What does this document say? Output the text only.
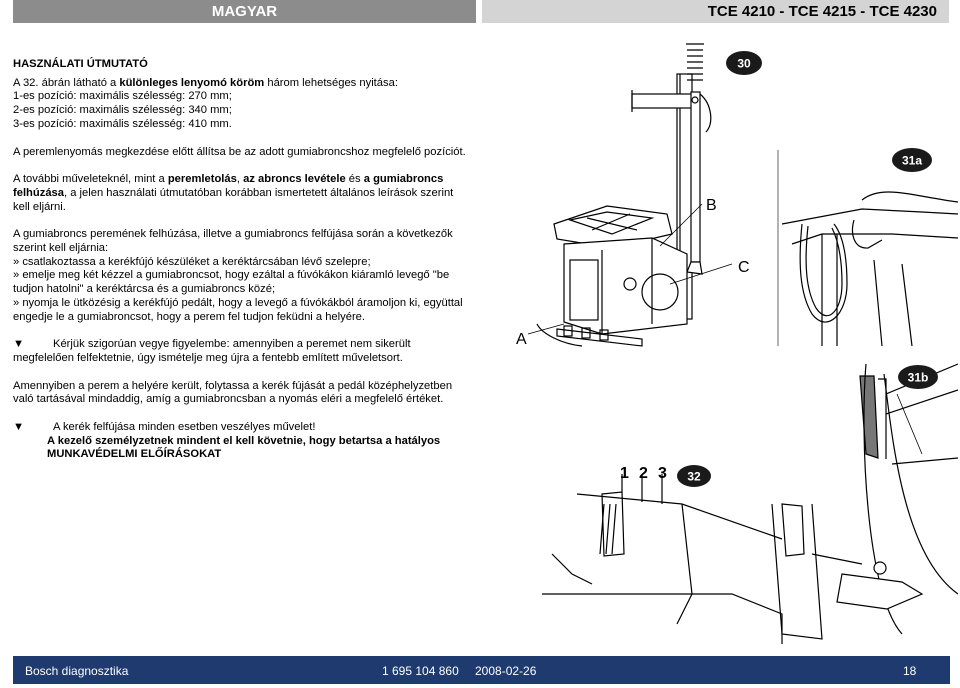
MAGYAR	TCE 4210 - TCE 4215 - TCE 4230

HASZNÁLATI ÚTMUTATÓ

A 32. ábrán látható a különleges lenyomó köröm három lehetséges nyitása:

1-es pozíció: maximális szélesség: 270 mm;

2-es pozíció: maximális szélesség: 340 mm;

3-es pozíció: maximális szélesség: 410 mm.

A peremlenyomás megkezdése előtt állítsa be az adott gumiabroncshoz megfelelő pozíciót.

A további műveleteknél, mint a peremletolás, az abroncs levétele és a gumiabroncs felhúzása, a jelen használati útmutatóban korábban ismertetett általános leírások szerint kell eljárni.

A gumiabroncs peremének felhúzása, illetve a gumiabroncs felfújása során a következők szerint kell eljárnia:

» csatlakoztassa a kerékfújó készüléket a keréktárcsában lévő szelepre;

» emelje meg két kézzel a gumiabroncsot, hogy ezáltal a fúvókákon kiáramló levegő "be tudjon hatolni" a keréktárcsa és a gumiabroncs közé;

» nyomja le ütközésig a kerékfújó pedált, hogy a levegő a fúvókákból áramoljon ki, együttal engedje le a gumiabroncsot, hogy a perem fel tudjon feküdni a helyére.

▼	Kérjük szigorúan vegye figyelembe: amennyiben a peremet nem sikerült megfelelően felfektetnie, úgy ismételje meg újra a fentebb említett műveletsort.

Amennyiben a perem a helyére került, folytassa a kerék fújását a pedál középhelyzetben való tartásával mindaddig, amíg a gumiabroncsban a nyomás eléri a megfelelő értéket.

▼	A kerék felfújása minden esetben veszélyes művelet!

A kezelő személyzetnek mindent el kell követnie, hogy betartsa a hatályos

MUNKAVÉDELMI ELŐÍRÁSOKAT

30
A
B
C
31a
31b
1 2 3 32
Bosch diagnosztika	1 695 104 860 2008-02-26	18
